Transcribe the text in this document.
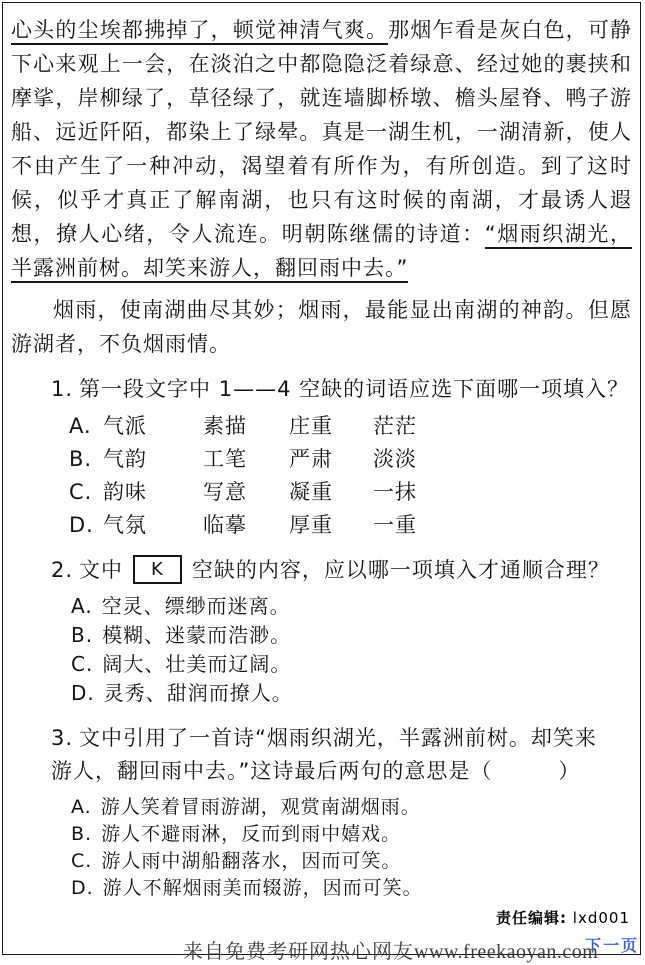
心头的尘埃都拂掉了，顿觉神清气爽。那烟乍看是灰白色，可静下心来观上一会，在淡泊之中都隐隐泛着绿意、经过她的裹挟和摩挲，岸柳绿了，草径绿了，就连墙脚桥墩、檐头屋脊、鸭子游船、远近阡陌，都染上了绿晕。真是一湖生机，一湖清新，使人不由产生了一种冲动，渴望着有所作为，有所创造。到了这时候，似乎才真正了解南湖，也只有这时候的南湖，才最诱人遐想，撩人心绪，令人流连。明朝陈继儒的诗道：“烟雨织湖光，半露洲前树。却笑来游人，翻回雨中去。”

烟雨，使南湖曲尽其妙；烟雨，最能显出南湖的神韵。但愿游湖者，不负烟雨情。

1. 第一段文字中 1——4 空缺的词语应选下面哪一项填入？
A. 气派	素描	庄重	茫茫
B. 气韵	工笔	严肃	淡淡
C. 韵味	写意	凝重	一抹
D. 气氛	临摹	厚重	一重
2. 文中 K 空缺的内容，应以哪一项填入才通顺合理？
A. 空灵、缥缈而迷离。
B. 模糊、迷蒙而浩渺。
C. 阔大、壮美而辽阔。
D. 灵秀、甜润而撩人。
3. 文中引用了一首诗“烟雨织湖光，半露洲前树。却笑来游人，翻回雨中去。”这诗最后两句的意思是（　　　）
A. 游人笑着冒雨游湖，观赏南湖烟雨。
B. 游人不避雨淋，反而到雨中嬉戏。
C. 游人雨中湖船翻落水，因而可笑。
D. 游人不解烟雨美而辍游，因而可笑。
责任编辑: lxd001
来自免费考研网热心网友www.freekaoyan.com
下一页
